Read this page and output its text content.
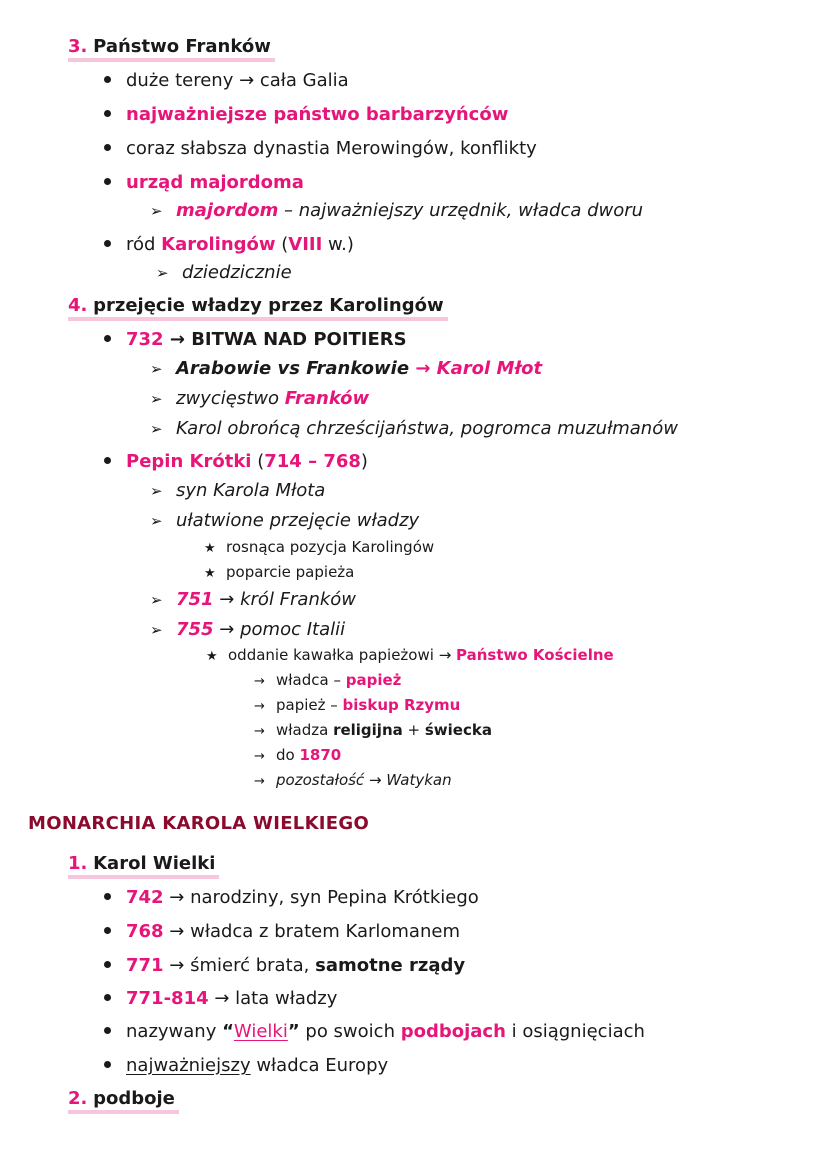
3. Państwo Franków
duże tereny → cała Galia
najważniejsze państwo barbarzyńców
coraz słabsza dynastia Merowingów, konflikty
urząd majordoma
➢ majordom – najważniejszy urzędnik, władca dworu
ród Karolingów (VIII w.)
➢ dziedzicznie
4. przejęcie władzy przez Karolingów
732 → BITWA NAD POITIERS
➢ Arabowie vs Frankowie → Karol Młot
➢ zwycięstwo Franków
➢ Karol obrońcą chrześcijaństwa, pogromca muzułmanów
Pepin Krótki (714 – 768)
➢ syn Karola Młota
➢ ułatwione przejęcie władzy
★ rosnąca pozycja Karolingów
★ poparcie papieża
➢ 751 → król Franków
➢ 755 → pomoc Italii
★ oddanie kawałka papieżowi → Państwo Kościelne
→ władca – papież
→ papież – biskup Rzymu
→ władza religijna + świecka
→ do 1870
→ pozostałość → Watykan
MONARCHIA KAROLA WIELKIEGO
1. Karol Wielki
742 → narodziny, syn Pepina Krótkiego
768 → władca z bratem Karlomanem
771 → śmierć brata, samotne rządy
771-814 → lata władzy
nazywany “Wielki” po swoich podbojach i osiągnięciach
najważniejszy władca Europy
2. podboje
